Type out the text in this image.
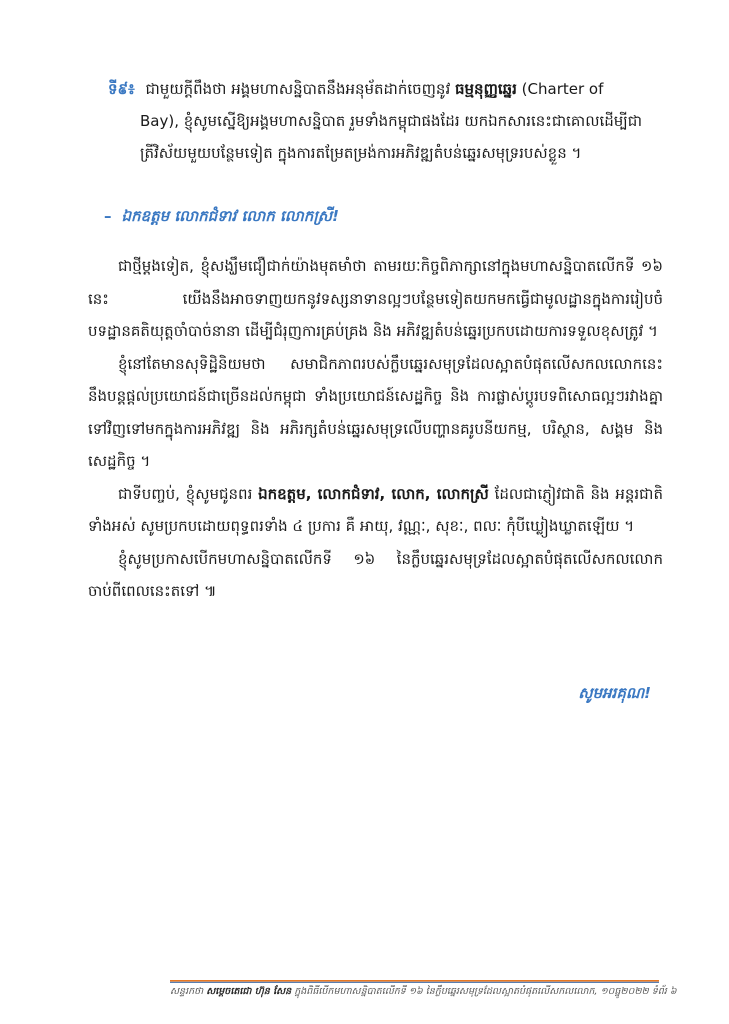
ទី៩៖ ជាមួយក្តីពឹងថា អង្គមហាសន្និបាតនឹងអនុម័តដាក់ចេញនូវ ធម្មនុញ្ញឆ្នេរ (Charter of
Bay), ខ្ញុំសូមស្នើឱ្យអង្គមហាសន្និបាត រួមទាំងកម្ពុជាផងដែរ យកឯកសារនេះជាគោលដើម្បីជាត្រីវិស័យមួយបន្ថែមទៀត ក្នុងការតម្រែតម្រង់ការអភិវឌ្ឍតំបន់ឆ្នេរសមុទ្ររបស់ខ្លួន ។
– ឯកឧត្តម លោកជំទាវ លោក លោកស្រី!

ជាថ្មីម្តងទៀត, ខ្ញុំសង្ឃឹមជឿជាក់យ៉ាងមុតមាំថា តាមរយៈកិច្ចពិភាក្សានៅក្នុងមហាសន្និបាតលើកទី ១៦ នេះ យើងនឹងអាចទាញយកនូវទស្សនាទានល្អៗបន្ថែមទៀតយកមកធ្វើជាមូលដ្ឋានក្នុងការរៀបចំបទដ្ឋានគតិយុត្តចាំបាច់នានា ដើម្បីជំរុញការគ្រប់គ្រង និង អភិវឌ្ឍតំបន់ឆ្នេរប្រកបដោយការទទួលខុសត្រូវ ។

ខ្ញុំនៅតែមានសុទិដ្ឋិនិយមថា សមាជិកភាពរបស់ក្លឹបឆ្នេរសមុទ្រដែលស្អាតបំផុតលើសកលលោកនេះ នឹងបន្តផ្តល់ប្រយោជន៍ជាច្រើនដល់កម្ពុជា ទាំងប្រយោជន៍សេដ្ឋកិច្ច និង ការផ្លាស់ប្តូរបទពិសោធល្អៗរវាងគ្នាទៅវិញទៅមកក្នុងការអភិវឌ្ឍ និង អភិរក្សតំបន់ឆ្នេរសមុទ្រលើបញ្ហានគរូបនីយកម្ម, បរិស្ថាន, សង្គម និង សេដ្ឋកិច្ច ។

ជាទីបញ្ចប់, ខ្ញុំសូមជូនពរ ឯកឧត្តម, លោកជំទាវ, លោក, លោកស្រី ដែលជាភ្ញៀវជាតិ និង អន្តរជាតិទាំងអស់ សូមប្រកបដោយពុទ្ធពរទាំង ៤ ប្រការ គឺ អាយុ, វណ្ណៈ, សុខៈ, ពលៈ កុំបីឃ្លៀងឃ្លាតឡើយ ។

ខ្ញុំសូមប្រកាសបើកមហាសន្និបាតលើកទី ១៦ នៃក្លឹបឆ្នេរសមុទ្រដែលស្អាតបំផុតលើសកលលោក ចាប់ពីពេលនេះតទៅ ៕

សូមអរគុណ!
សន្ទរកថា សម្តេចតេជោ ហ៊ុន សែន ក្នុងពិធីបើកមហាសន្និបាតលើកទី ១៦ នៃក្លឹបឆ្នេរសមុទ្រដែលស្អាតបំផុតលើសកលលោក, ១០ធ្នូ២០២២ ទំព័រ ៦
